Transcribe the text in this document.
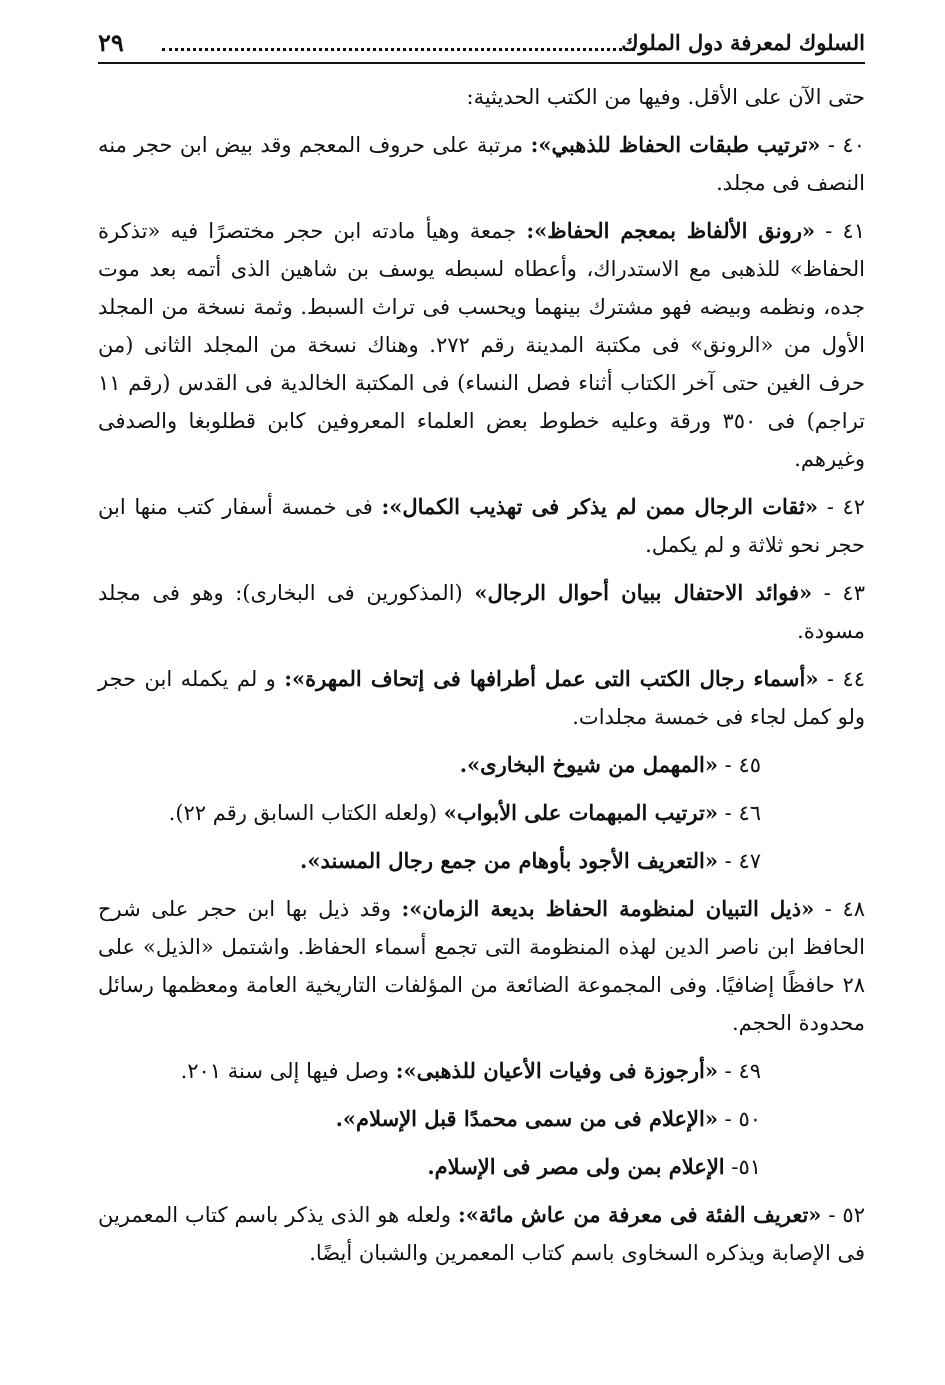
السلوك لمعرفة دول الملوك
٢٩

حتى الآن على الأقل. وفيها من الكتب الحديثية:

٤٠ - «ترتيب طبقات الحفاظ للذهبي»: مرتبة على حروف المعجم وقد بيض ابن حجر منه النصف فى مجلد.

٤١ - «رونق الألفاظ بمعجم الحفاظ»: جمعة وهيأ مادته ابن حجر مختصرًا فيه «تذكرة الحفاظ» للذهبى مع الاستدراك، وأعطاه لسبطه يوسف بن شاهين الذى أتمه بعد موت جده، ونظمه وبيضه فهو مشترك بينهما ويحسب فى تراث السبط. وثمة نسخة من المجلد الأول من «الرونق» فى مكتبة المدينة رقم ٢٧٢. وهناك نسخة من المجلد الثانى (من حرف الغين حتى آخر الكتاب أثناء فصل النساء) فى المكتبة الخالدية فى القدس (رقم ١١ تراجم) فى ٣٥٠ ورقة وعليه خطوط بعض العلماء المعروفين كابن قطلوبغا والصدفى وغيرهم.

٤٢ - «ثقات الرجال ممن لم يذكر فى تهذيب الكمال»: فى خمسة أسفار كتب منها ابن حجر نحو ثلاثة و لم يكمل.

٤٣ - «فوائد الاحتفال ببيان أحوال الرجال» (المذكورين فى البخارى): وهو فى مجلد مسودة.

٤٤ - «أسماء رجال الكتب التى عمل أطرافها فى إتحاف المهرة»: و لم يكمله ابن حجر ولو كمل لجاء فى خمسة مجلدات.

٤٥ - «المهمل من شيوخ البخارى».

٤٦ - «ترتيب المبهمات على الأبواب» (ولعله الكتاب السابق رقم ٢٢).

٤٧ - «التعريف الأجود بأوهام من جمع رجال المسند».

٤٨ - «ذيل التبيان لمنظومة الحفاظ بديعة الزمان»: وقد ذيل بها ابن حجر على شرح الحافظ ابن ناصر الدين لهذه المنظومة التى تجمع أسماء الحفاظ. واشتمل «الذيل» على ٢٨ حافظًا إضافيًا. وفى المجموعة الضائعة من المؤلفات التاريخية العامة ومعظمها رسائل محدودة الحجم.

٤٩ - «أرجوزة فى وفيات الأعيان للذهبى»: وصل فيها إلى سنة ٢٠١.

٥٠ - «الإعلام فى من سمى محمدًا قبل الإسلام».

٥١- الإعلام بمن ولى مصر فى الإسلام.

٥٢ - «تعريف الفئة فى معرفة من عاش مائة»: ولعله هو الذى يذكر باسم كتاب المعمرين فى الإصابة ويذكره السخاوى باسم كتاب المعمرين والشبان أيضًا.
